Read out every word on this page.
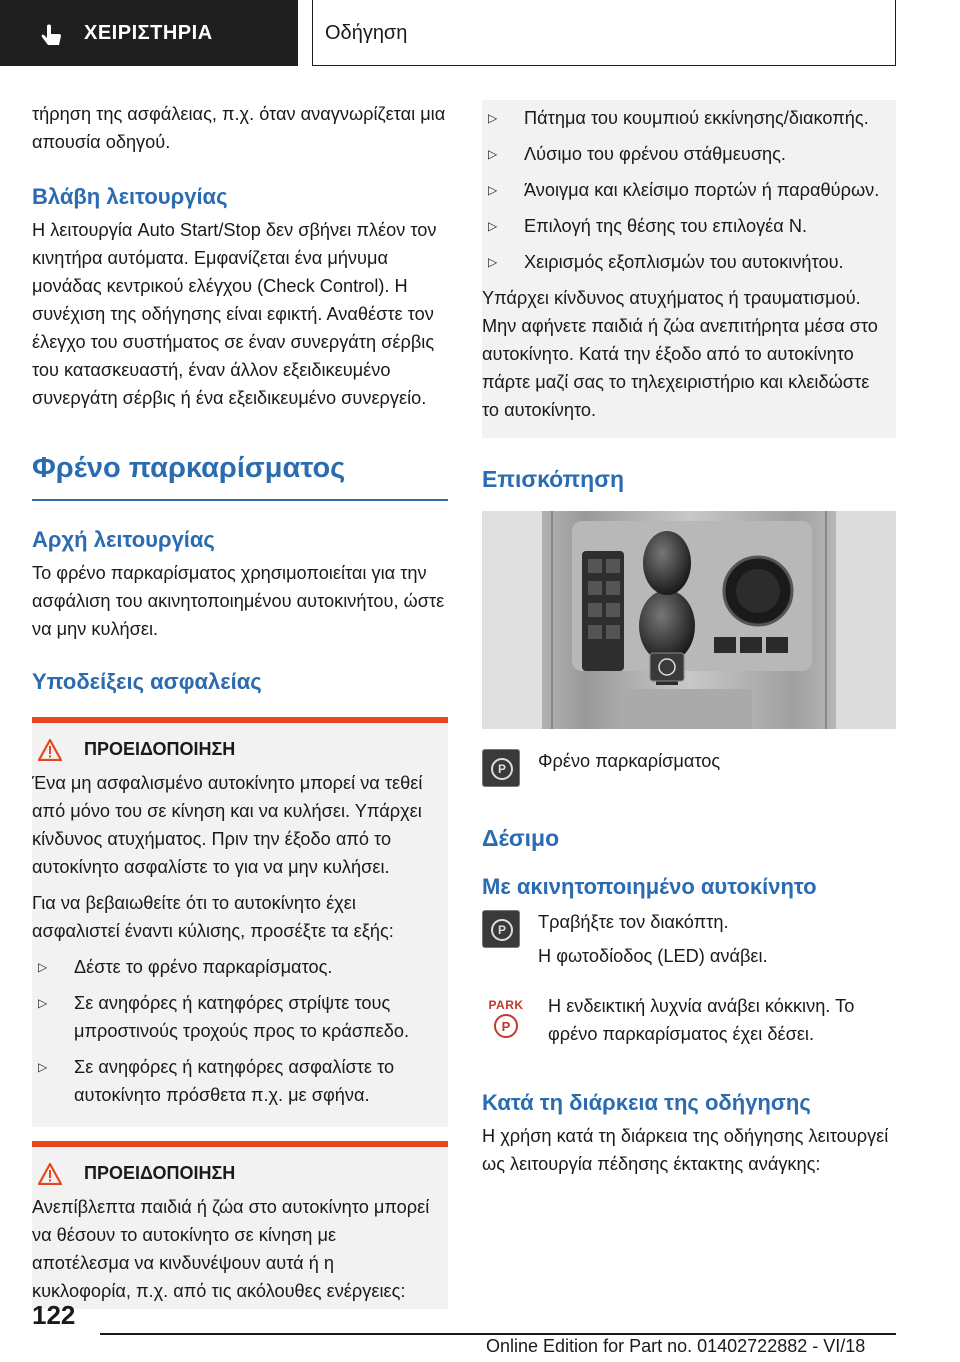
ΧΕΙΡΙΣΤΗΡΙΑ	Οδήγηση

τήρηση της ασφάλειας, π.χ. όταν αναγνωρίζεται μια απουσία οδηγού.

Βλάβη λειτουργίας

Η λειτουργία Auto Start/Stop δεν σβήνει πλέον τον κινητήρα αυτόματα. Εμφανίζεται ένα μήνυμα μονάδας κεντρικού ελέγχου (Check Control). Η συνέχιση της οδήγησης είναι εφικτή. Αναθέστε τον έλεγχο του συστήματος σε έναν συνεργάτη σέρβις του κατασκευαστή, έναν άλλον εξειδικευμένο συνεργάτη σέρβις ή ένα εξειδικευμένο συνεργείο.

Φρένο παρκαρίσματος
Αρχή λειτουργίας

Το φρένο παρκαρίσματος χρησιμοποιείται για την ασφάλιση του ακινητοποιημένου αυτοκινήτου, ώστε να μην κυλήσει.

Υποδείξεις ασφαλείας
ΠΡΟΕΙΔΟΠΟΙΗΣΗ

Ένα μη ασφαλισμένο αυτοκίνητο μπορεί να τεθεί από μόνο του σε κίνηση και να κυλήσει. Υπάρχει κίνδυνος ατυχήματος. Πριν την έξοδο από το αυτοκίνητο ασφαλίστε το για να μην κυλήσει.

Για να βεβαιωθείτε ότι το αυτοκίνητο έχει ασφαλιστεί έναντι κύλισης, προσέξτε τα εξής:

▷ Δέστε το φρένο παρκαρίσματος.
▷ Σε ανηφόρες ή κατηφόρες στρίψτε τους μπροστινούς τροχούς προς το κράσπεδο.
▷ Σε ανηφόρες ή κατηφόρες ασφαλίστε το αυτοκίνητο πρόσθετα π.χ. με σφήνα.
ΠΡΟΕΙΔΟΠΟΙΗΣΗ

Ανεπίβλεπτα παιδιά ή ζώα στο αυτοκίνητο μπορεί να θέσουν το αυτοκίνητο σε κίνηση με αποτέλεσμα να κινδυνέψουν αυτά ή η κυκλοφορία, π.χ. από τις ακόλουθες ενέργειες:

▷ Πάτημα του κουμπιού εκκίνησης/διακοπής.
▷ Λύσιμο του φρένου στάθμευσης.
▷ Άνοιγμα και κλείσιμο πορτών ή παραθύρων.
▷ Επιλογή της θέσης του επιλογέα N.
▷ Χειρισμός εξοπλισμών του αυτοκινήτου.

Υπάρχει κίνδυνος ατυχήματος ή τραυματισμού. Μην αφήνετε παιδιά ή ζώα ανεπιτήρητα μέσα στο αυτοκίνητο. Κατά την έξοδο από το αυτοκίνητο πάρτε μαζί σας το τηλεχειριστήριο και κλειδώστε το αυτοκίνητο.

Επισκόπηση
P	Φρένο παρκαρίσματος

Δέσιμο
Με ακινητοποιημένο αυτοκίνητο
P	Τραβήξτε τον διακόπτη.

Η φωτοδίοδος (LED) ανάβει.

PARK
P

Η ενδεικτική λυχνία ανάβει κόκκινη. Το φρένο παρκαρίσματος έχει δέσει.

Κατά τη διάρκεια της οδήγησης

Η χρήση κατά τη διάρκεια της οδήγησης λειτουργεί ως λειτουργία πέδησης έκτακτης ανάγκης:

122
Online Edition for Part no. 01402722882 - VI/18
